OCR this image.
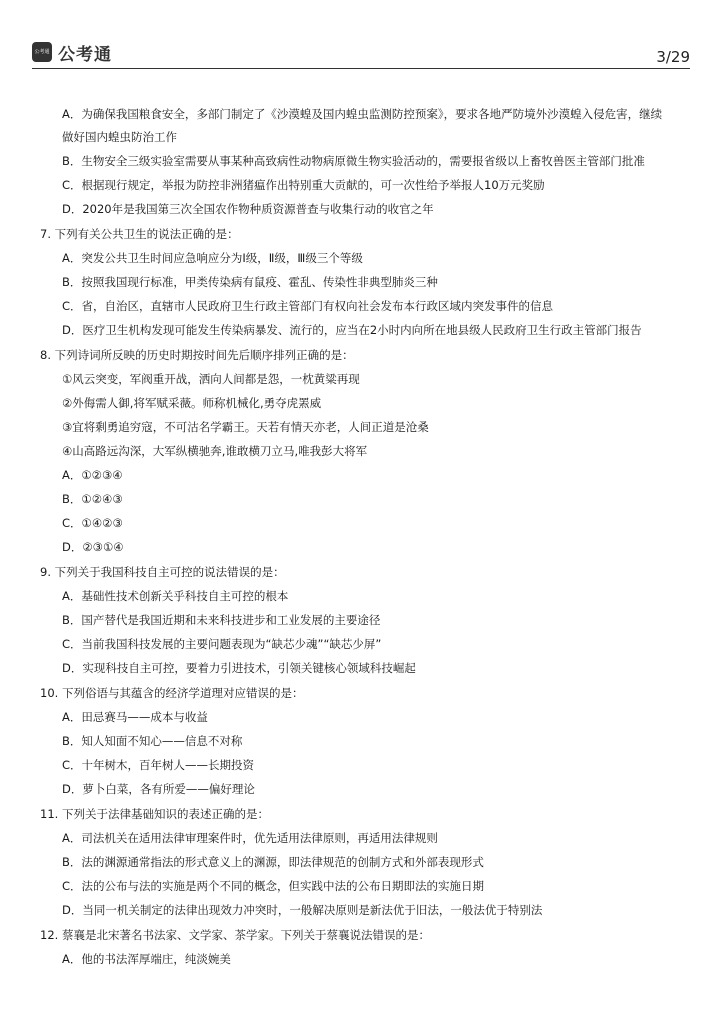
公考通 公考通	3/29
A．为确保我国粮食安全，多部门制定了《沙漠蝗及国内蝗虫监测防控预案》，要求各地严防境外沙漠蝗入侵危害，继续
做好国内蝗虫防治工作
B．生物安全三级实验室需要从事某种高致病性动物病原微生物实验活动的，需要报省级以上畜牧兽医主管部门批准
C．根据现行规定，举报为防控非洲猪瘟作出特别重大贡献的，可一次性给予举报人10万元奖励
D．2020年是我国第三次全国农作物种质资源普查与收集行动的收官之年
7. 下列有关公共卫生的说法正确的是：
A．突发公共卫生时间应急响应分为Ⅰ级，Ⅱ级，Ⅲ级三个等级
B．按照我国现行标准，甲类传染病有鼠疫、霍乱、传染性非典型肺炎三种
C．省，自治区，直辖市人民政府卫生行政主管部门有权向社会发布本行政区域内突发事件的信息
D．医疗卫生机构发现可能发生传染病暴发、流行的，应当在2小时内向所在地县级人民政府卫生行政主管部门报告
8. 下列诗词所反映的历史时期按时间先后顺序排列正确的是：
①风云突变，军阀重开战，洒向人间都是怨，一枕黄粱再现
②外侮需人御,将军赋采薇。师称机械化,勇夺虎罴威
③宜将剩勇追穷寇，不可沽名学霸王。天若有情天亦老，人间正道是沧桑
④山高路远沟深，大军纵横驰奔,谁敢横刀立马,唯我彭大将军
A．①②③④
B．①②④③
C．①④②③
D．②③①④
9. 下列关于我国科技自主可控的说法错误的是：
A．基础性技术创新关乎科技自主可控的根本
B．国产替代是我国近期和未来科技进步和工业发展的主要途径
C．当前我国科技发展的主要问题表现为“缺芯少魂”“缺芯少屏”
D．实现科技自主可控，要着力引进技术，引领关键核心领域科技崛起
10. 下列俗语与其蕴含的经济学道理对应错误的是：
A．田忌赛马——成本与收益
B．知人知面不知心——信息不对称
C．十年树木，百年树人——长期投资
D．萝卜白菜，各有所爱——偏好理论
11. 下列关于法律基础知识的表述正确的是：
A．司法机关在适用法律审理案件时，优先适用法律原则，再适用法律规则
B．法的渊源通常指法的形式意义上的渊源，即法律规范的创制方式和外部表现形式
C．法的公布与法的实施是两个不同的概念，但实践中法的公布日期即法的实施日期
D．当同一机关制定的法律出现效力冲突时，一般解决原则是新法优于旧法，一般法优于特别法
12. 蔡襄是北宋著名书法家、文学家、茶学家。下列关于蔡襄说法错误的是：
A．他的书法浑厚端庄，纯淡婉美
